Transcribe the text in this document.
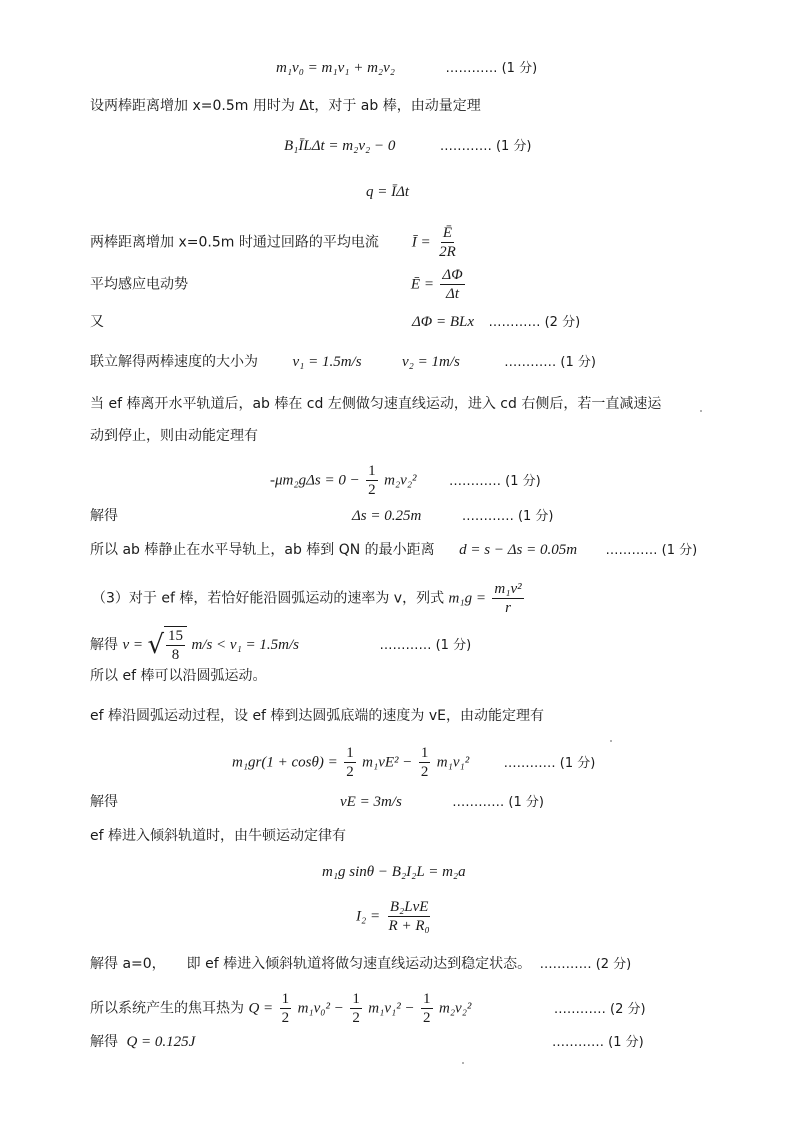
m₁v₀ = m₁v₁ + m₂v₂	………… (1 分)
设两棒距离增加 x=0.5m 用时为 Δt，对于 ab 棒，由动量定理
B₁ĪLΔt = m₂v₂ − 0	………… (1 分)
q = ĪΔt
两棒距离增加 x=0.5m 时通过回路的平均电流 Ī = $\frac{Ē}{2R}$
平均感应电动势	Ē = $\frac{\Delta\Phi}{\Delta t}$
又	ΔΦ = BLx ………… (2 分)
联立解得两棒速度的大小为 v₁ = 1.5m/s	v₂ = 1m/s	………… (1 分)
当 ef 棒离开水平轨道后，ab 棒在 cd 左侧做匀速直线运动，进入 cd 右侧后，若一直减速运
动到停止，则由动能定理有
$-\mu m_2g\Delta s = 0 - \frac{1}{2} m_2v_2^2$ ………… (1 分)
解得	Δs = 0.25m	………… (1 分)
所以 ab 棒静止在水平导轨上，ab 棒到 QN 的最小距离 d = s − Δs = 0.05m ………… (1 分)
（3）对于 ef 棒，若恰好能沿圆弧运动的速率为 v，列式 $m_1g = \frac{\text{m₁v²}}{r}$
解得 v = √ $\frac{15}{8} m/s < v_1 = 1.5m/s$	………… (1 分)
所以 ef 棒可以沿圆弧运动。
ef 棒沿圆弧运动过程，设 ef 棒到达圆弧底端的速度为 vE，由动能定理有
$m_1gr(1 + \cos\theta) = \frac{1}{2} m_1vE^2 - \frac{1}{2} m_1v_1^2$	………… (1 分)
解得	vE = 3m/s	………… (1 分)
ef 棒进入倾斜轨道时，由牛顿运动定律有
m₁g sinθ − B₂I₂L = m₂a
$I_2 = \frac{\text{B₂LvE}}{\text{R + R₀}}$
解得 a=0，　　即 ef 棒进入倾斜轨道将做匀速直线运动达到稳定状态。 ………… (2 分)
所以系统产生的焦耳热为 $Q = \frac{1}{2} m_1v_0^2 - \frac{1}{2} m_1v_1^2 - \frac{1}{2} m_2v_2^2$	………… (2 分)
解得 Q = 0.125J	………… (1 分)
